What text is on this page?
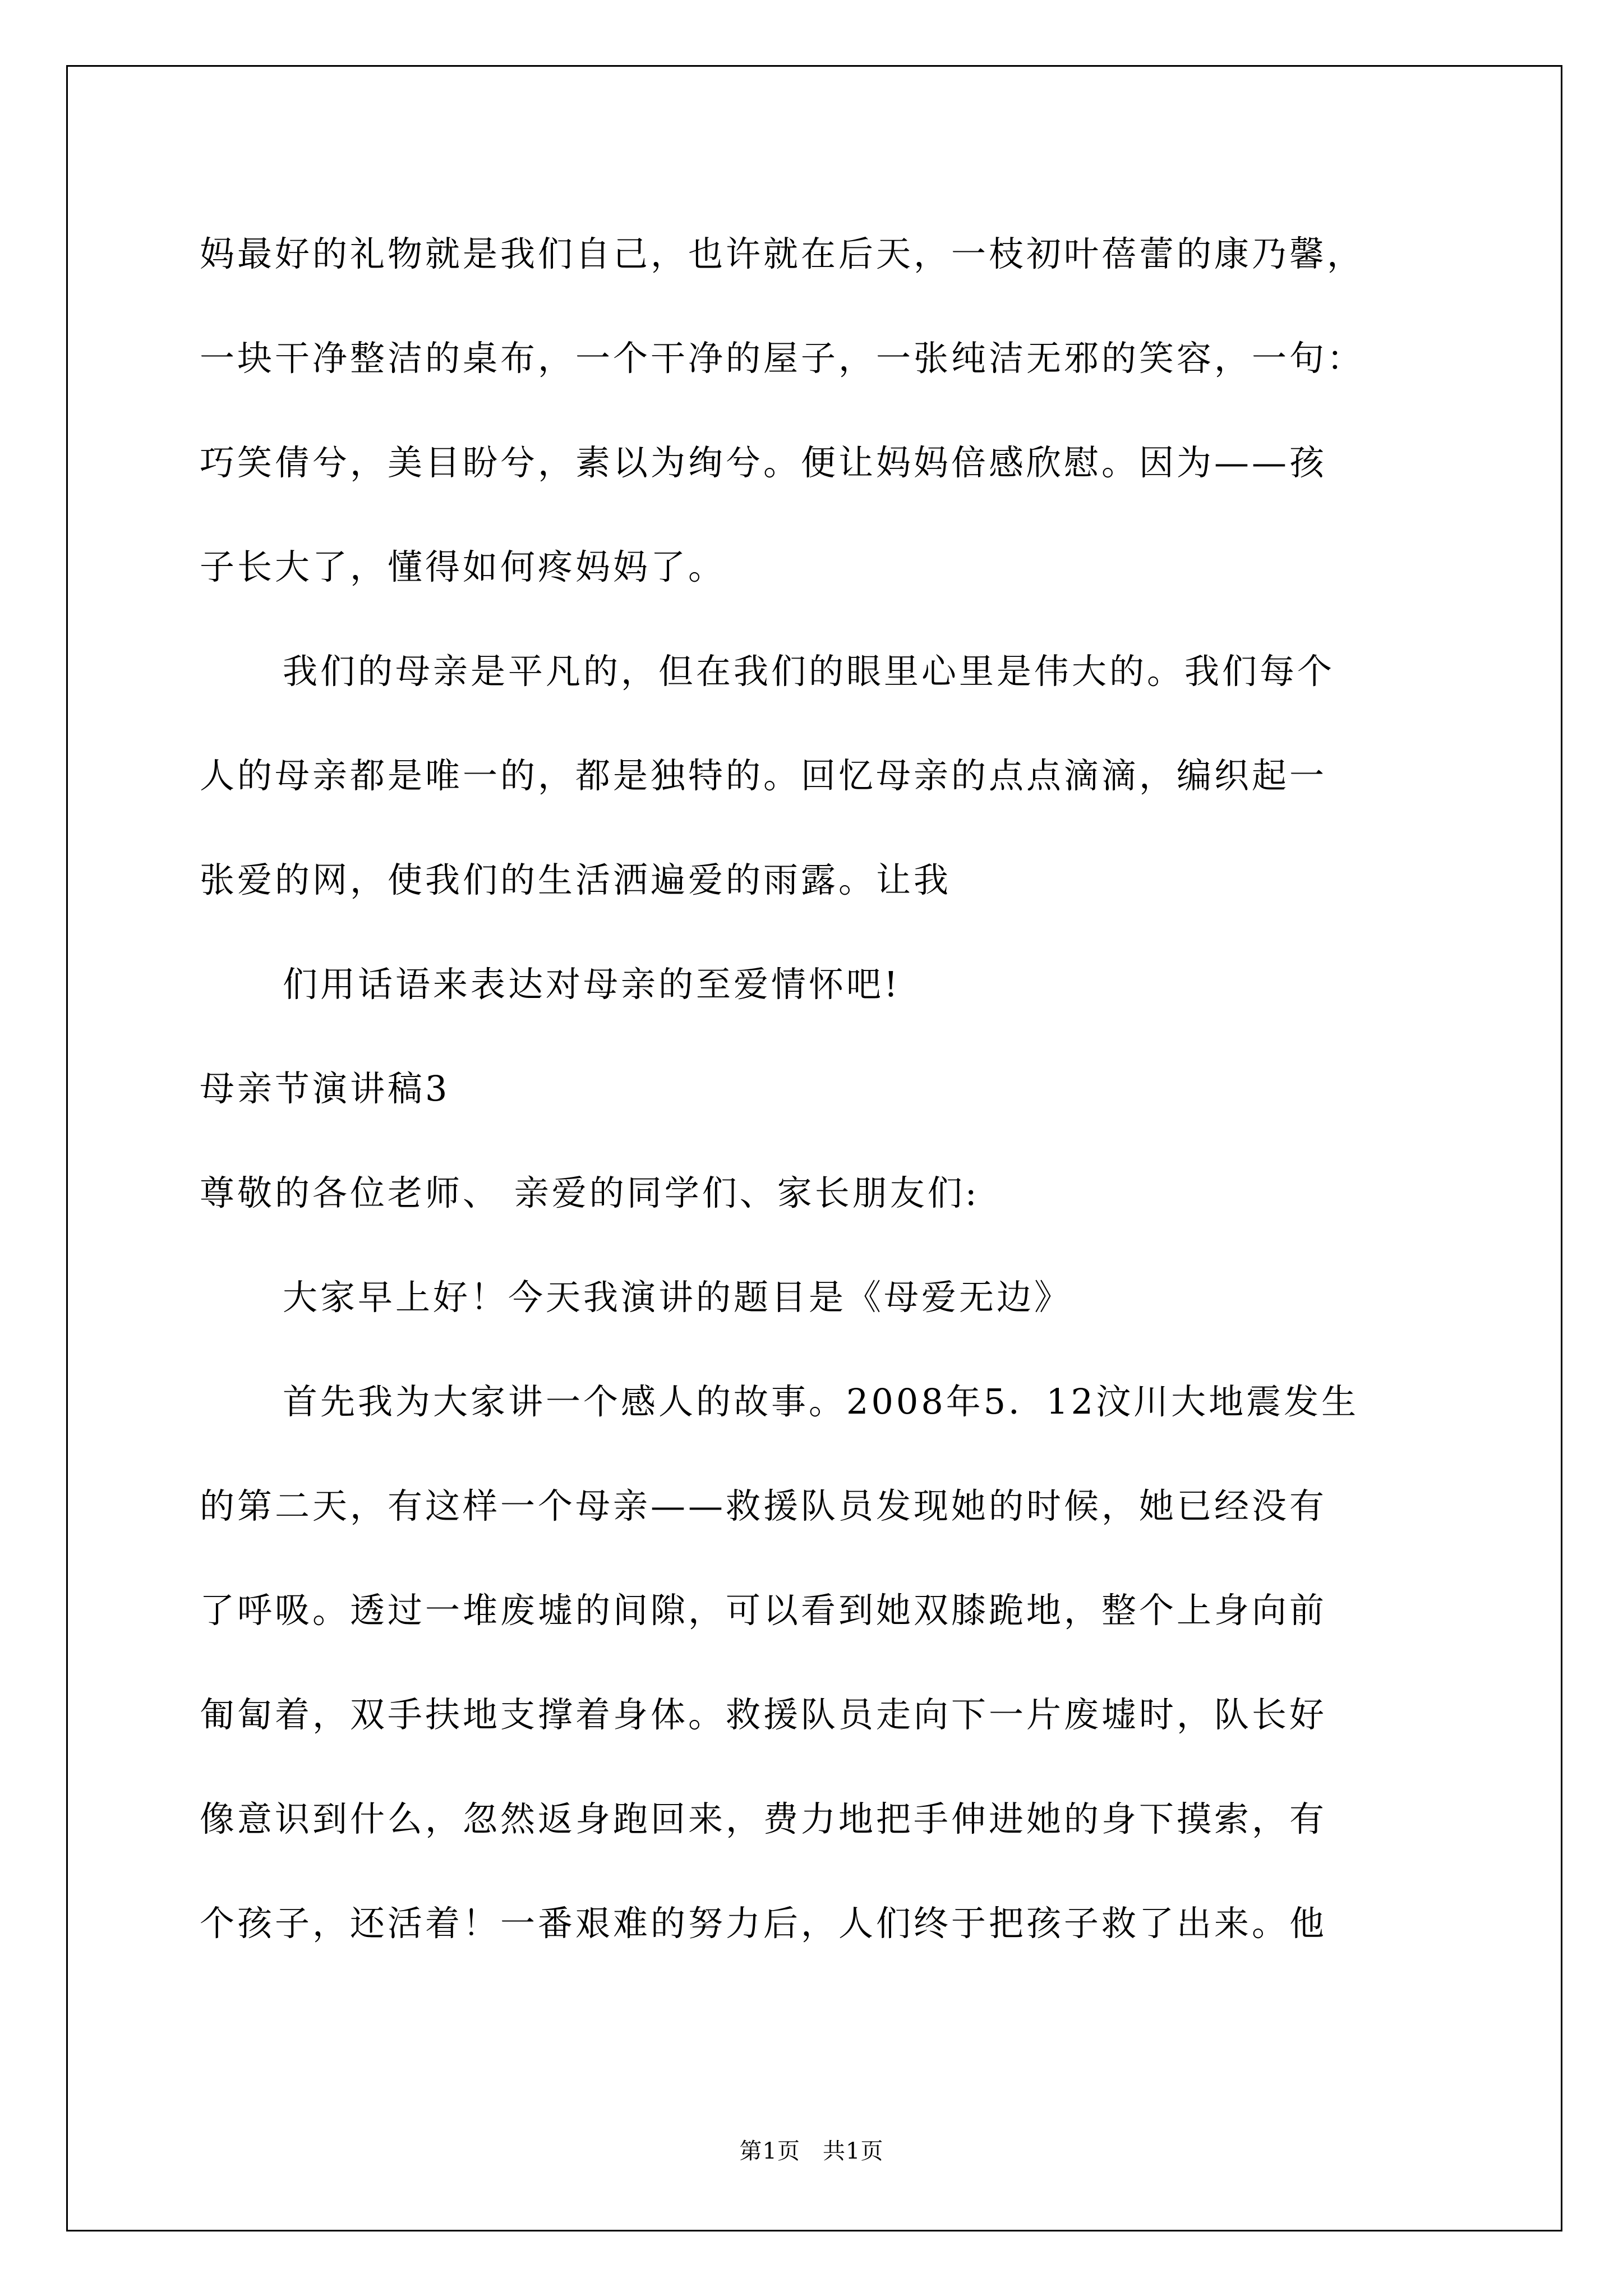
妈最好的礼物就是我们自己，也许就在后天，一枝初叶蓓蕾的康乃馨，
一块干净整洁的桌布，一个干净的屋子，一张纯洁无邪的笑容，一句：
巧笑倩兮，美目盼兮，素以为绚兮。便让妈妈倍感欣慰。因为——孩
子长大了，懂得如何疼妈妈了。
我们的母亲是平凡的，但在我们的眼里心里是伟大的。我们每个
人的母亲都是唯一的，都是独特的。回忆母亲的点点滴滴，编织起一
张爱的网，使我们的生活洒遍爱的雨露。让我
们用话语来表达对母亲的至爱情怀吧!
母亲节演讲稿3
尊敬的各位老师、 亲爱的同学们、家长朋友们:
大家早上好！今天我演讲的题目是《母爱无边》
首先我为大家讲一个感人的故事。2008年5．12汶川大地震发生
的第二天，有这样一个母亲——救援队员发现她的时候，她已经没有
了呼吸。透过一堆废墟的间隙，可以看到她双膝跪地，整个上身向前
匍匐着，双手扶地支撑着身体。救援队员走向下一片废墟时，队长好
像意识到什么，忽然返身跑回来，费力地把手伸进她的身下摸索，有
个孩子，还活着！一番艰难的努力后，人们终于把孩子救了出来。他
第1页 共1页
